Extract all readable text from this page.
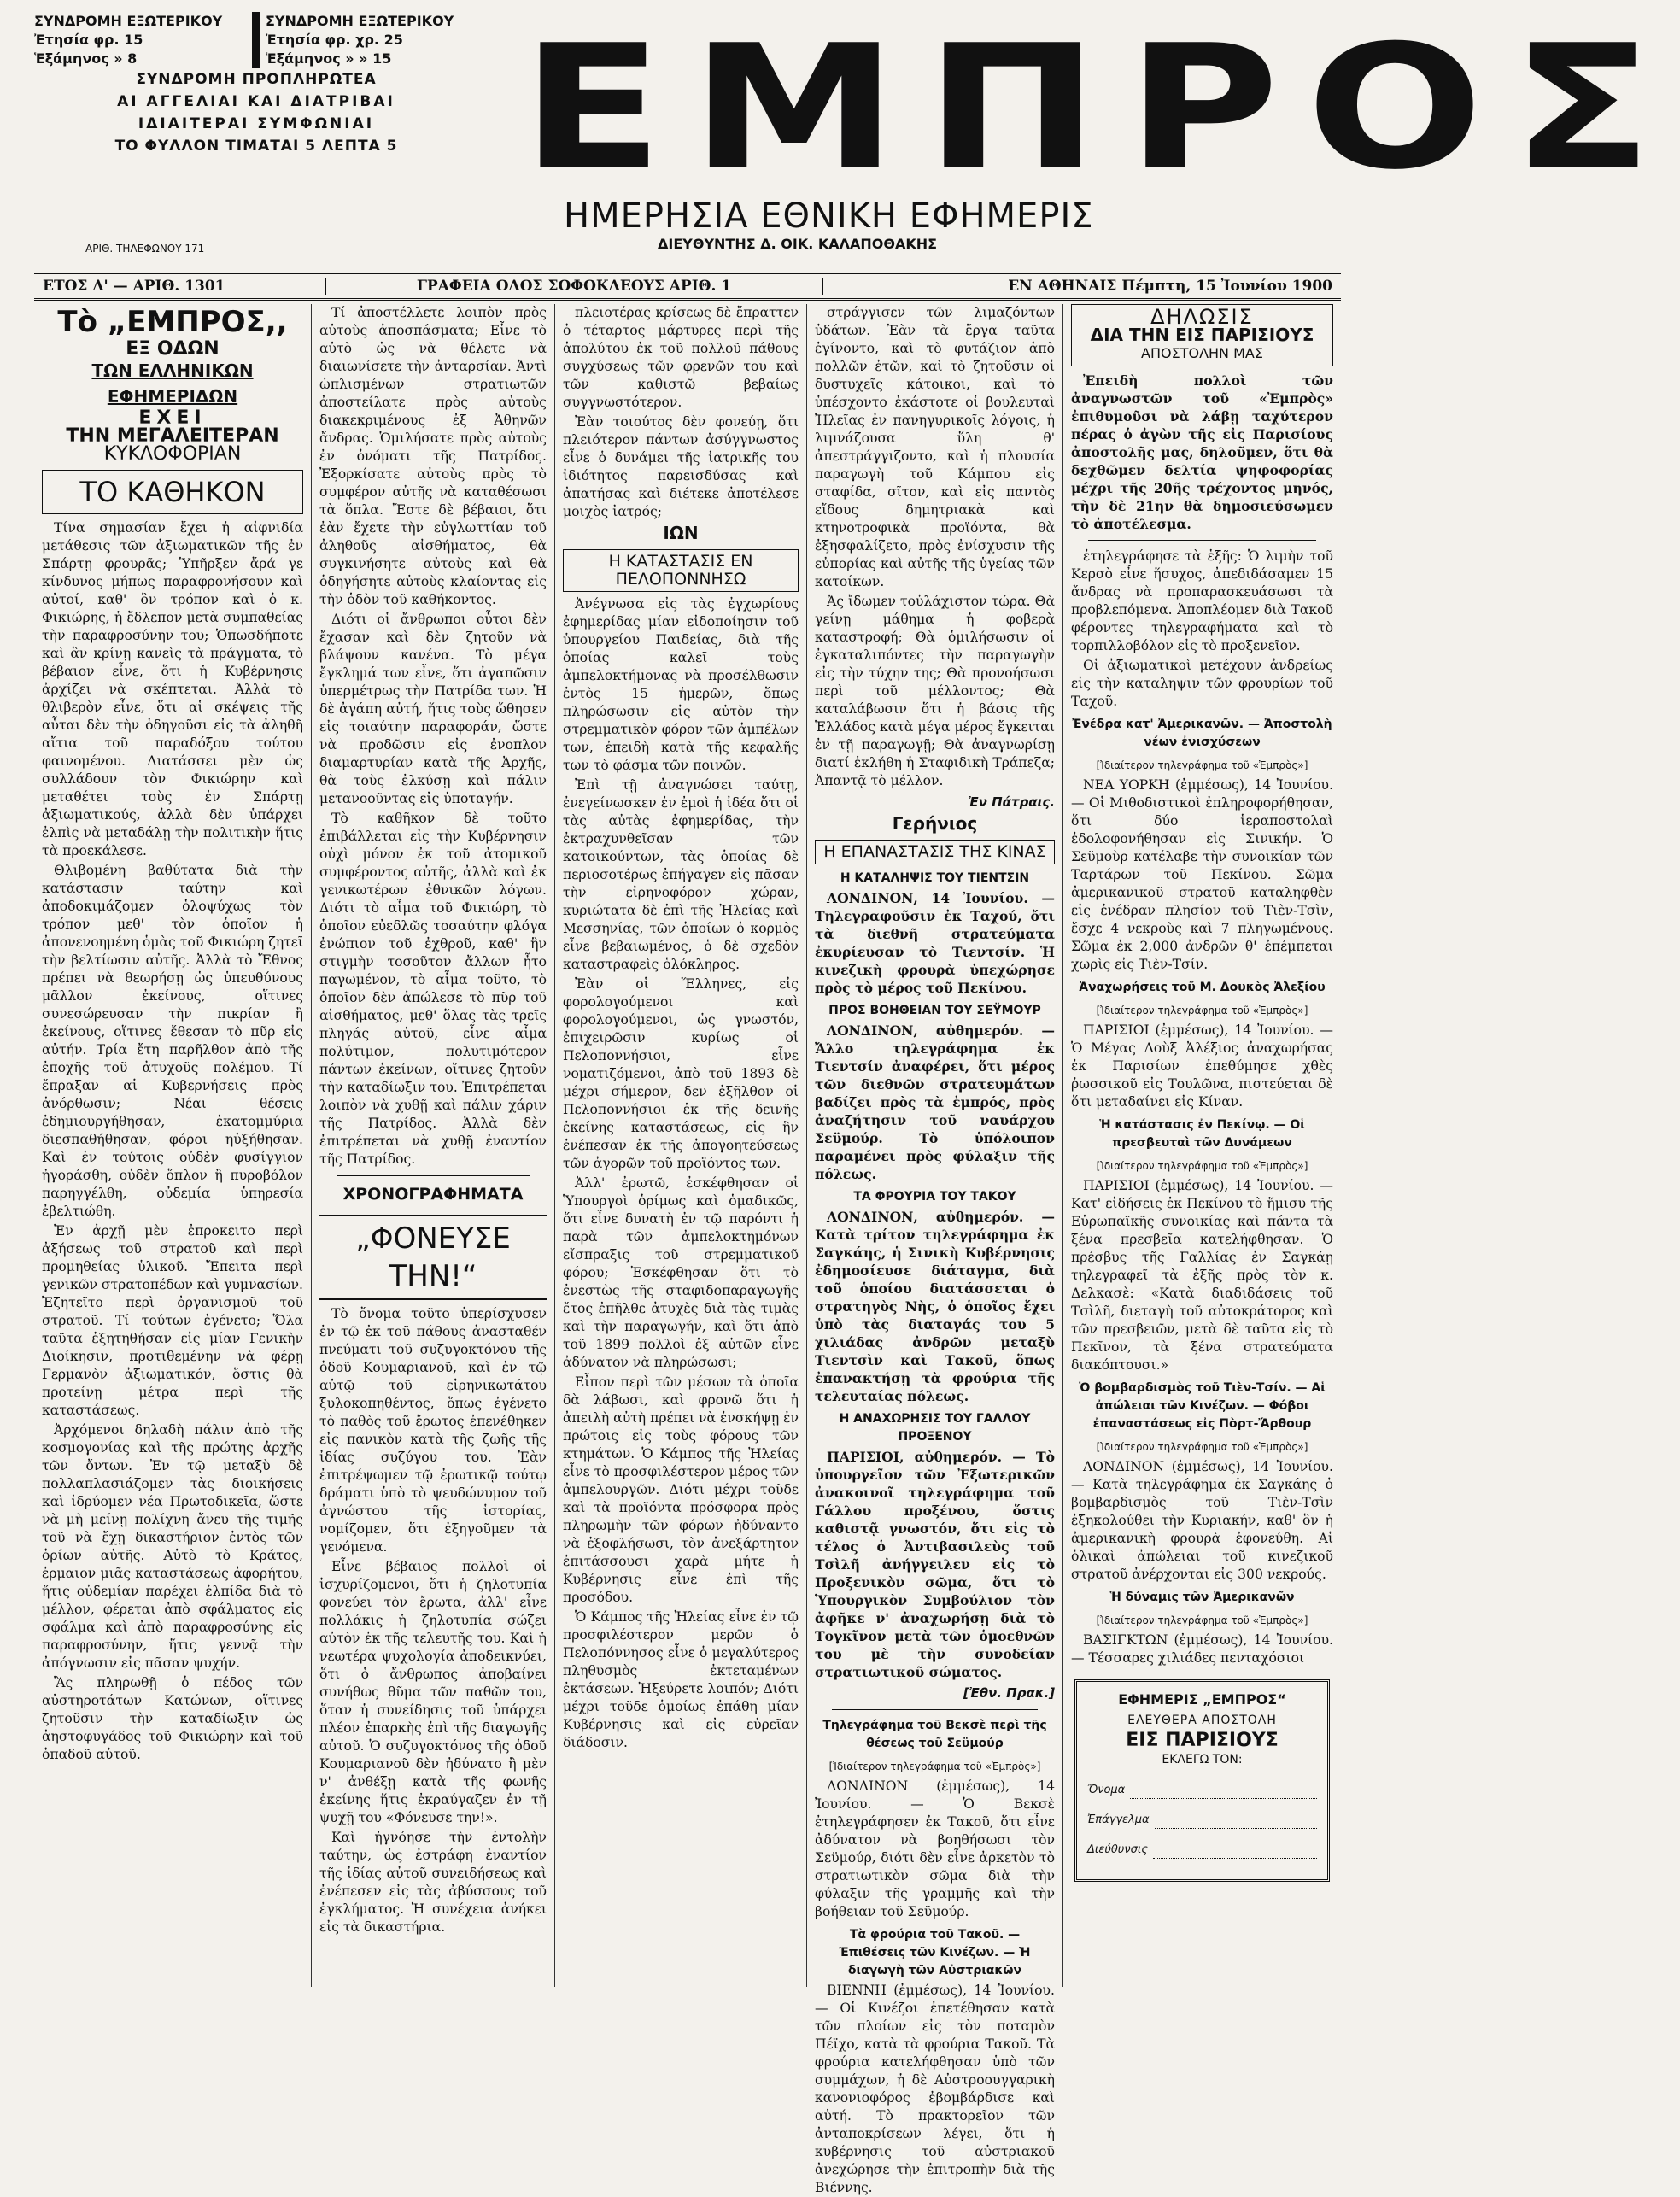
ΣΥΝΔΡΟΜΗ ΕΞΩΤΕΡΙΚΟΥ
Ἐτησία φρ. 15
Ἑξάμηνος » 8
ΣΥΝΔΡΟΜΗ ΕΞΩΤΕΡΙΚΟΥ
Ἐτησία φρ. χρ. 25
Ἑξάμηνος » » 15
ΣΥΝΔΡΟΜΗ ΠΡΟΠΛΗΡΩΤΕΑ
ΑΙ ΑΓΓΕΛΙΑΙ ΚΑΙ ΔΙΑΤΡΙΒΑΙ
ΙΔΙΑΙΤΕΡΑΙ ΣΥΜΦΩΝΙΑΙ
ΤΟ ΦΥΛΛΟΝ ΤΙΜΑΤΑΙ 5 ΛΕΠΤΑ 5
ΑΡΙΘ. ΤΗΛΕΦΩΝΟΥ 171
ΕΜΠΡΟΣ
ΗΜΕΡΗΣΙΑ ΕΘΝΙΚΗ ΕΦΗΜΕΡΙΣ
ΔΙΕΥΘΥΝΤΗΣ Δ. ΟΙΚ. ΚΑΛΑΠΟΘΑΚΗΣ
ΕΤΟΣ Δ' — ΑΡΙΘ. 1301	ΓΡΑΦΕΙΑ ΟΔΟΣ ΣΟΦΟΚΛΕΟΥΣ ΑΡΙΘ. 1	ΕΝ ΑΘΗΝΑΙΣ Πέμπτη, 15 Ἰουνίου 1900
Τὸ „ΕΜΠΡΟΣ,,
ΕΞ ΟΔΩΝ
ΤΩΝ ΕΛΛΗΝΙΚΩΝ ΕΦΗΜΕΡΙΔΩΝ
ΕΧΕΙ
ΤΗΝ ΜΕΓΑΛΕΙΤΕΡΑΝ
ΚΥΚΛΟΦΟΡΙΑΝ
ΤΟ ΚΑΘΗΚΟΝ

Τίνα σημασίαν ἔχει ἡ αἰφνιδία μετάθεσις τῶν ἀξιωματικῶν τῆς ἐν Σπάρτῃ φρουρᾶς; Ὑπῆρξεν ἄρά γε κίνδυνος μήπως παραφρονήσουν καὶ αὐτοί, καθ' ὃν τρόπον καὶ ὁ κ. Φικιώρης, ἡ ἔδλεπον μετὰ συμπαθείας τὴν παραφροσύνην του; Ὁπωσδήποτε καὶ ἂν κρίνῃ κανεὶς τὰ πράγματα, τὸ βέβαιον εἶνε, ὅτι ἡ Κυβέρνησις ἀρχίζει νὰ σκέπτεται. Ἀλλὰ τὸ θλιβερὸν εἶνε, ὅτι αἱ σκέψεις τῆς αὗται δὲν τὴν ὁδηγοῦσι εἰς τὰ ἀληθῆ αἴτια τοῦ παραδόξου τούτου φαινομένου. Διατάσσει μὲν ὡς συλλάδουν τὸν Φικιώρην καὶ μεταθέτει τοὺς ἐν Σπάρτῃ ἀξιωματικούς, ἀλλὰ δὲν ὑπάρχει ἐλπὶς νὰ μεταδάλῃ τὴν πολιτικὴν ἥτις τὰ προεκάλεσε.

Θλιβομένη βαθύτατα διὰ τὴν κατάστασιν ταύτην καὶ ἀποδοκιμάζομεν ὁλοψύχως τὸν τρόπον μεθ' τὸν ὁποῖον ἡ ἀπονενοημένη ὁμὰς τοῦ Φικιώρη ζητεῖ τὴν βελτίωσιν αὐτῆς. Ἀλλὰ τὸ Ἔθνος πρέπει νὰ θεωρήσῃ ὡς ὑπευθύνους μᾶλλον ἐκείνους, οἵτινες συνεσώρευσαν τὴν πικρίαν ἢ ἐκείνους, οἵτινες ἔθεσαν τὸ πῦρ εἰς αὐτήν. Τρία ἔτη παρῆλθον ἀπὸ τῆς ἐποχῆς τοῦ ἀτυχοῦς πολέμου. Τί ἔπραξαν αἱ Κυβερνήσεις πρὸς ἀνόρθωσιν; Νέαι θέσεις ἐδημιουργήθησαν, ἑκατομμύρια διεσπαθήθησαν, φόροι ηὐξήθησαν. Καὶ ἐν τούτοις οὐδὲν φυσίγγιον ἠγοράσθη, οὐδὲν ὅπλον ἢ πυροβόλον παρηγγέλθη, οὐδεμία ὑπηρεσία ἐβελτιώθη.

Ἐν ἀρχῇ μὲν ἐπροκειτο περὶ ἀξήσεως τοῦ στρατοῦ καὶ περὶ προμηθείας ὑλικοῦ. Ἔπειτα περὶ γενικῶν στρατοπέδων καὶ γυμνασίων. Ἐζητεῖτο περὶ ὀργανισμοῦ τοῦ στρατοῦ. Τί τούτων ἐγένετο; Ὅλα ταῦτα ἐξητηθήσαν εἰς μίαν Γενικὴν Διοίκησιν, προτιθεμένην νὰ φέρῃ Γερμανὸν ἀξιωματικόν, ὅστις θὰ προτείνῃ μέτρα περὶ τῆς καταστάσεως.

Ἀρχόμενοι δηλαδὴ πάλιν ἀπὸ τῆς κοσμογονίας καὶ τῆς πρώτης ἀρχῆς τῶν ὄντων. Ἐν τῷ μεταξὺ δὲ πολλαπλασιάζομεν τὰς διοικήσεις καὶ ἱδρύομεν νέα Πρωτοδικεῖα, ὥστε νὰ μὴ μείνῃ πολίχνη ἄνευ τῆς τιμῆς τοῦ νὰ ἔχῃ δικαστήριον ἐντὸς τῶν ὁρίων αὐτῆς. Αὐτὸ τὸ Κράτος, ἐρμαιον μιᾶς καταστάσεως ἀφορήτου, ἥτις οὐδεμίαν παρέχει ἐλπίδα διὰ τὸ μέλλον, φέρεται ἀπὸ σφάλματος εἰς σφάλμα καὶ ἀπὸ παραφροσύνης εἰς παραφροσύνην, ἥτις γεννᾷ τὴν ἀπόγνωσιν εἰς πᾶσαν ψυχήν.

Ἂς πληρωθῇ ὁ πέδος τῶν αὐστηροτάτων Κατώνων, οἵτινες ζητοῦσιν τὴν καταδίωξιν ὡς ἀηστοφυγάδος τοῦ Φικιώρην καὶ τοῦ ὁπαδοῦ αὐτοῦ.

Τί ἀποστέλλετε λοιπὸν πρὸς αὐτοὺς ἀποσπάσματα; Εἶνε τὸ αὐτὸ ὡς νὰ θέλετε νὰ διαιωνίσετε τὴν ἀνταρσίαν. Ἀντὶ ὡπλισμένων στρατιωτῶν ἀποστείλατε πρὸς αὐτοὺς διακεκριμένους ἐξ Ἀθηνῶν ἄνδρας. Ὁμιλήσατε πρὸς αὐτοὺς ἐν ὀνόματι τῆς Πατρίδος. Ἐξορκίσατε αὐτοὺς πρὸς τὸ συμφέρον αὐτῆς νὰ καταθέσωσι τὰ ὅπλα. Ἔστε δὲ βέβαιοι, ὅτι ἐὰν ἔχετε τὴν εὐγλωττίαν τοῦ ἀληθοῦς αἰσθήματος, θὰ συγκινήσητε αὐτοὺς καὶ θὰ ὁδηγήσητε αὐτοὺς κλαίοντας εἰς τὴν ὁδὸν τοῦ καθήκοντος.

Διότι οἱ ἄνθρωποι οὗτοι δὲν ἔχασαν καὶ δὲν ζητοῦν νὰ βλάψουν κανένα. Τὸ μέγα ἔγκλημά των εἶνε, ὅτι ἀγαπῶσιν ὑπερμέτρως τὴν Πατρίδα των. Ἡ δὲ ἀγάπη αὐτή, ἥτις τοὺς ὤθησεν εἰς τοιαύτην παραφοράν, ὥστε νὰ προδῶσιν εἰς ἐνοπλον διαμαρτυρίαν κατὰ τῆς Ἀρχῆς, θὰ τοὺς ἐλκύσῃ καὶ πάλιν μετανοοῦντας εἰς ὑποταγήν.

Τὸ καθῆκον δὲ τοῦτο ἐπιβάλλεται εἰς τὴν Κυβέρνησιν οὐχὶ μόνον ἐκ τοῦ ἀτομικοῦ συμφέροντος αὐτῆς, ἀλλὰ καὶ ἐκ γενικωτέρων ἐθνικῶν λόγων. Διότι τὸ αἷμα τοῦ Φικιώρη, τὸ ὁποῖον εὐεδλῶς τοσαύτην φλόγα ἐνώπιον τοῦ ἐχθροῦ, καθ' ἣν στιγμὴν τοσοῦτον ἄλλων ἦτο παγωμένον, τὸ αἷμα τοῦτο, τὸ ὁποῖον δὲν ἀπώλεσε τὸ πῦρ τοῦ αἰσθήματος, μεθ' ὅλας τὰς τρεῖς πληγάς αὐτοῦ, εἶνε αἷμα πολύτιμον, πολυτιμότερον πάντων ἐκείνων, οἵτινες ζητοῦν τὴν καταδίωξιν του. Ἐπιτρέπεται λοιπὸν νὰ χυθῇ καὶ πάλιν χάριν τῆς Πατρίδος. Ἀλλὰ δὲν ἐπιτρέπεται νὰ χυθῇ ἐναντίον τῆς Πατρίδος.

ΧΡΟΝΟΓΡΑΦΗΜΑΤΑ
„ΦΟΝΕΥΣΕ ΤΗΝ!“

Τὸ ὄνομα τοῦτο ὑπερίσχυσεν ἐν τῷ ἐκ τοῦ πάθους ἀνασταθέν πνεύματι τοῦ συζυγοκτόνου τῆς ὁδοῦ Κουμαριανοῦ, καὶ ἐν τῷ αὐτῷ τοῦ εἱρηνικωτάτου ξυλοκοπηθέντος, ὅπως ἐγένετο τὸ παθὸς τοῦ ἔρωτος ἐπενέθηκεν εἰς πανικὸν κατὰ τῆς ζωῆς τῆς ἰδίας συζύγου του. Ἐὰν ἐπιτρέψωμεν τῷ ἐρωτικῷ τούτῳ δράματι ὑπὸ τὸ ψευδώνυμον τοῦ ἀγνώστου τῆς ἱστορίας, νομίζομεν, ὅτι ἐξηγοῦμεν τὰ γενόμενα.

Εἶνε βέβαιος πολλοὶ οἱ ἰσχυρίζομενοι, ὅτι ἡ ζηλοτυπία φονεύει τὸν ἔρωτα, ἀλλ' εἶνε πολλάκις ἡ ζηλοτυπία σώζει αὐτὸν ἐκ τῆς τελευτῆς του. Καὶ ἡ νεωτέρα ψυχολογία ἀποδεικνύει, ὅτι ὁ ἄνθρωπος ἀποβαίνει συνήθως θῦμα τῶν παθῶν του, ὅταν ἡ συνείδησις τοῦ ὑπάρχει πλέον ἐπαρκὴς ἐπὶ τῆς διαγωγῆς αὐτοῦ. Ὁ συζυγοκτόνος τῆς ὁδοῦ Κουμαριανοῦ δὲν ἠδύνατο ἢ μὲν ν' ἀνθέξῃ κατὰ τῆς φωνῆς ἐκείνης ἥτις ἐκραύγαζεν ἐν τῇ ψυχῇ του «Φόνευσε την!».

Καὶ ἠγνόησε τὴν ἐντολὴν ταύτην, ὡς ἐστράφη ἐναντίον τῆς ἰδίας αὐτοῦ συνειδήσεως καὶ ἐνέπεσεν εἰς τὰς ἀβύσσους τοῦ ἐγκλήματος. Ἡ συνέχεια ἀνήκει εἰς τὰ δικαστήρια.

πλειοτέρας κρίσεως δὲ ἔπραττεν ὁ τέταρτος μάρτυρες περὶ τῆς ἀπολύτου ἐκ τοῦ πολλοῦ πάθους συγχύσεως τῶν φρενῶν του καὶ τῶν καθιστῶ βεβαίως συγγνωστότερον.

Ἐὰν τοιούτος δὲν φονεύῃ, ὅτι πλειότερον πάντων ἀσύγγνωστος εἶνε ὁ δυνάμει τῆς ἰατρικῆς του ἰδιότητος παρεισδύσας καὶ ἀπατήσας καὶ διέτεκε ἀποτέλεσε μοιχὸς ἰατρός;

ΙΩΝ
Η ΚΑΤΑΣΤΑΣΙΣ ΕΝ ΠΕΛΟΠΟΝΝΗΣΩ

Ἀνέγνωσα εἰς τὰς ἐγχωρίους ἐφημερίδας μίαν εἰδοποίησιν τοῦ ὑπουργείου Παιδείας, διὰ τῆς ὁποίας καλεῖ τοὺς ἀμπελοκτήμονας νὰ προσέλθωσιν ἐντὸς 15 ἡμερῶν, ὅπως πληρώσωσιν εἰς αὐτὸν τὴν στρεμματικὸν φόρον τῶν ἀμπέλων των, ἐπειδὴ κατὰ τῆς κεφαλῆς των τὸ φάσμα τῶν ποινῶν.

Ἐπὶ τῇ ἀναγνώσει ταύτῃ, ἐνεγείνωσκεν ἐν ἐμοὶ ἡ ἰδέα ὅτι οἱ τὰς αὐτὰς ἐφημερίδας, τὴν ἐκτραχυνθεῖσαν τῶν κατοικούντων, τὰς ὁποίας δὲ περιοσοτέρως ἐπήγαγεν εἰς πᾶσαν τὴν εἰρηνοφόρον χώραν, κυριώτατα δὲ ἐπὶ τῆς Ἠλείας καὶ Μεσσηνίας, τῶν ὁποίων ὁ κορμὸς εἶνε βεβαιωμένος, ὁ δὲ σχεδὸν καταστραφεὶς ὁλόκληρος.

Ἐὰν οἱ Ἕλληνες, εἰς φορολογούμενοι καὶ φορολογούμενοι, ὡς γνωστόν, ἐπιχειρῶσιν κυρίως οἱ Πελοποννήσιοι, εἶνε νοματιζόμενοι, ἀπὸ τοῦ 1893 δὲ μέχρι σήμερον, δεν ἐξῆλθον οἱ Πελοποννήσιοι ἐκ τῆς δεινῆς ἐκείνης καταστάσεως, εἰς ἣν ἐνέπεσαν ἐκ τῆς ἀπογοητεύσεως τῶν ἀγορῶν τοῦ προϊόντος των.

Ἀλλ' ἐρωτῶ, ἐσκέφθησαν οἱ Ὑπουργοὶ ὁρίμως καὶ ὁμαδικῶς, ὅτι εἶνε δυνατὴ ἐν τῷ παρόντι ἡ παρὰ τῶν ἀμπελοκτημόνων εἴσπραξις τοῦ στρεμματικοῦ φόρου; Ἐσκέφθησαν ὅτι τὸ ἐνεστὼς τῆς σταφιδοπαραγωγῆς ἔτος ἐπῆλθε ἀτυχὲς διὰ τὰς τιμὰς καὶ τὴν παραγωγήν, καὶ ὅτι ἀπὸ τοῦ 1899 πολλοὶ ἐξ αὐτῶν εἶνε ἀδύνατον νὰ πληρώσωσι;

Εἶπον περὶ τῶν μέσων τὰ ὁποῖα δὰ λάβωσι, καὶ φρονῶ ὅτι ἡ ἀπειλὴ αὐτὴ πρέπει νὰ ἐνσκήψῃ ἐν πρώτοις εἰς τοὺς φόρους τῶν κτημάτων. Ὁ Κάμπος τῆς Ἠλείας εἶνε τὸ προσφιλέστερον μέρος τῶν ἀμπελουργῶν. Διότι μέχρι τοῦδε καὶ τὰ προϊόντα πρόσφορα πρὸς πληρωμὴν τῶν φόρων ἠδύναντο νὰ ἐξοφλήσωσι, τὸν ἀνεξάρτητον ἐπιτάσσουσι χαρὰ μήτε ἡ Κυβέρνησις εἶνε ἐπὶ τῆς προσόδου.

Ὁ Κάμπος τῆς Ἠλείας εἶνε ἐν τῷ προσφιλέστερον μερῶν ὁ Πελοπόννησος εἶνε ὁ μεγαλύτερος πληθυσμὸς ἐκτεταμένων ἐκτάσεων. Ἠξεύρετε λοιπόν; Διότι μέχρι τοῦδε ὁμοίως ἐπάθη μίαν Κυβέρνησις καὶ εἰς εὐρεῖαν διάδοσιν.

στράγγισεν τῶν λιμαζόντων ὑδάτων. Ἐὰν τὰ ἔργα ταῦτα ἐγίνοντο, καὶ τὸ φυτάζιον ἀπὸ πολλῶν ἐτῶν, καὶ τὸ ζητοῦσιν οἱ δυστυχεῖς κάτοικοι, καὶ τὸ ὑπέσχοντο ἐκάστοτε οἱ βουλευταὶ Ἠλεῖας ἐν πανηγυρικοῖς λόγοις, ἡ λιμνάζουσα ὕλη θ' ἀπεστράγγιζοντο, καὶ ἡ πλουσία παραγωγὴ τοῦ Κάμπου εἰς σταφίδα, σῖτον, καὶ εἰς παντὸς εἴδους δημητριακὰ καὶ κτηνοτροφικὰ προϊόντα, θὰ ἐξησφαλίζετο, πρὸς ἐνίσχυσιν τῆς εὐπορίας καὶ αὐτῆς τῆς ὑγείας τῶν κατοίκων.

Ἀς ἴδωμεν τοὐλάχιστον τώρα. Θὰ γείνῃ μάθημα ἡ φοβερὰ καταστροφή; Θὰ ὁμιλήσωσιν οἱ ἐγκαταλιπόντες τὴν παραγωγὴν εἰς τὴν τύχην της; Θὰ προνοήσωσι περὶ τοῦ μέλλοντος; Θὰ καταλάβωσιν ὅτι ἡ βάσις τῆς Ἑλλάδος κατὰ μέγα μέρος ἔγκειται ἐν τῇ παραγωγῇ; Θὰ ἀναγνωρίσῃ διατί ἐκλήθη ἡ Σταφιδικὴ Τράπεζα; Ἀπαντᾷ τὸ μέλλον.

Ἐν Πάτραις.
Γερήνιος
Η ΕΠΑΝΑΣΤΑΣΙΣ ΤΗΣ ΚΙΝΑΣ
Η ΚΑΤΑΛΗΨΙΣ ΤΟΥ ΤΙΕΝΤΣΙΝ

ΛΟΝΔΙΝΟΝ, 14 Ἰουνίου. — Τηλεγραφοῦσιν ἐκ Ταχού, ὅτι τὰ διεθνῆ στρατεύματα ἐκυρίευσαν τὸ Τιεντσίν. Ἡ κινεζικὴ φρουρὰ ὑπεχώρησε πρὸς τὸ μέρος τοῦ Πεκίνου.

ΠΡΟΣ ΒΟΗΘΕΙΑΝ ΤΟΥ ΣΕΫΜΟΥΡ

ΛΟΝΔΙΝΟΝ, αὐθημερόν. — Ἄλλο τηλεγράφημα ἐκ Τιεντσίν ἀναφέρει, ὅτι μέρος τῶν διεθνῶν στρατευμάτων βαδίζει πρὸς τὰ ἐμπρός, πρὸς ἀναζήτησιν τοῦ ναυάρχου Σεϋμούρ. Τὸ ὑπόλοιπον παραμένει πρὸς φύλαξιν τῆς πόλεως.

ΤΑ ΦΡΟΥΡΙΑ ΤΟΥ ΤΑΚΟΥ

ΛΟΝΔΙΝΟΝ, αὐθημερόν. — Κατὰ τρίτον τηλεγράφημα ἐκ Σαγκάης, ἡ Σινικὴ Κυβέρνησις ἐδημοσίευσε διάταγμα, διὰ τοῦ ὁποίου διατάσσεται ὁ στρατηγὸς Νὴς, ὁ ὁποῖος ἔχει ὑπὸ τὰς διαταγάς του 5 χιλιάδας ἀνδρῶν μεταξὺ Τιεντσὶν καὶ Τακοῦ, ὅπως ἐπανακτήσῃ τὰ φρούρια τῆς τελευταίας πόλεως.

Η ΑΝΑΧΩΡΗΣΙΣ ΤΟΥ ΓΑΛΛΟΥ ΠΡΟΞΕΝΟΥ

ΠΑΡΙΣΙΟΙ, αὐθημερόν. — Τὸ ὑπουργεῖον τῶν Ἐξωτερικῶν ἀνακοινοῖ τηλεγράφημα τοῦ Γάλλου προξένου, ὅστις καθιστᾷ γνωστόν, ὅτι εἰς τὸ τέλος ὁ Ἀντιβασιλεὺς τοῦ Τσὶλῆ ἀνήγγειλεν εἰς τὸ Προξενικὸν σῶμα, ὅτι τὸ Ὑπουργικὸν Συμβούλιον τὸν ἀφῆκε ν' ἀναχωρήσῃ διὰ τὸ Τογκῖνον μετὰ τῶν ὁμοεθνῶν του μὲ τὴν συνοδείαν στρατιωτικοῦ σώματος.

[Ἐθν. Πρακ.]
Τηλεγράφημα τοῦ Βεκσὲ περὶ τῆς θέσεως τοῦ Σεϋμούρ
[Ἰδιαίτερον τηλεγράφημα τοῦ «Ἐμπρὸς»]

ΛΟΝΔΙΝΟΝ (ἐμμέσως), 14 Ἰουνίου. — Ὁ Βεκσὲ ἐτηλεγράφησεν ἐκ Τακοῦ, ὅτι εἶνε ἀδύνατον νὰ βοηθήσωσι τὸν Σεϋμούρ, διότι δὲν εἶνε ἀρκετὸν τὸ στρατιωτικὸν σῶμα διὰ τὴν φύλαξιν τῆς γραμμῆς καὶ τὴν βοήθειαν τοῦ Σεϋμούρ.

Τὰ φρούρια τοῦ Τακοῦ. — Ἐπιθέσεις τῶν Κινέζων. — Ἡ διαγωγὴ τῶν Αὐστριακῶν

ΒΙΕΝΝΗ (ἐμμέσως), 14 Ἰουνίου. — Οἱ Κινέζοι ἐπετέθησαν κατὰ τῶν πλοίων εἰς τὸν ποταμὸν Πέϊχο, κατὰ τὰ φρούρια Τακοῦ. Τὰ φρούρια κατελήφθησαν ὑπὸ τῶν συμμάχων, ἡ δὲ Αὐστροουγγαρικὴ κανονιοφόρος ἐβομβάρδισε καὶ αὐτή. Τὸ πρακτορεῖον τῶν ἀνταποκρίσεων λέγει, ὅτι ἡ κυβέρνησις τοῦ αὐστριακοῦ ἀνεχώρησε τὴν ἐπιτροπὴν διὰ τῆς Βιέννης.

ΔΗΛΩΣΙΣ
ΔΙΑ ΤΗΝ ΕΙΣ ΠΑΡΙΣΙΟΥΣ
ΑΠΟΣΤΟΛΗΝ ΜΑΣ

Ἐπειδὴ πολλοὶ τῶν ἀναγνωστῶν τοῦ «Ἐμπρὸς» ἐπιθυμοῦσι νὰ λάβῃ ταχύτερον πέρας ὁ ἀγὼν τῆς εἰς Παρισίους ἀποστολῆς μας, δηλοῦμεν, ὅτι θὰ δεχθῶμεν δελτία ψηφοφορίας μέχρι τῆς 20ῆς τρέχοντος μηνός, τὴν δὲ 21ην θὰ δημοσιεύσωμεν τὸ ἀποτέλεσμα.

ἐτηλεγράφησε τὰ ἑξῆς: Ὁ λιμὴν τοῦ Κερσὸ εἶνε ἥσυχος, ἀπεδιδάσαμεν 15 ἄνδρας νὰ προπαρασκευάσωσι τὰ προβλεπόμενα. Ἀποπλέομεν διὰ Τακοῦ φέροντες τηλεγραφήματα καὶ τὸ τορπιλλοβόλον εἰς τὸ προξενεῖον.

Οἱ ἀξιωματικοὶ μετέχουν ἀνδρείως εἰς τὴν καταληψιν τῶν φρουρίων τοῦ Ταχοῦ.

Ἐνέδρα κατ' Ἀμερικανῶν. — Ἀποστολὴ νέων ἐνισχύσεων
[Ἰδιαίτερον τηλεγράφημα τοῦ «Ἐμπρὸς»]

ΝΕΑ ΥΟΡΚΗ (ἐμμέσως), 14 Ἰουνίου. — Οἱ Μιθοδιστικοὶ ἐπληροφορήθησαν, ὅτι δύο ἱεραποστολαὶ ἐδολοφονήθησαν εἰς Σινικήν. Ὁ Σεϋμοὺρ κατέλαβε τὴν συνοικίαν τῶν Ταρτάρων τοῦ Πεκίνου. Σῶμα ἀμερικανικοῦ στρατοῦ καταληφθὲν εἰς ἐνέδραν πλησίον τοῦ Τιὲν-Τσὶν, ἔσχε 4 νεκροὺς καὶ 7 πληγωμένους. Σῶμα ἐκ 2,000 ἀνδρῶν θ' ἐπέμπεται χωρὶς εἰς Τιὲν-Τσίν.

Ἀναχωρήσεις τοῦ Μ. Δουκὸς Ἀλεξίου
[Ἰδιαίτερον τηλεγράφημα τοῦ «Ἐμπρὸς»]

ΠΑΡΙΣΙΟΙ (ἐμμέσως), 14 Ἰουνίου. — Ὁ Μέγας Δοὺξ Ἀλέξιος ἀναχωρήσας ἐκ Παρισίων ἐπεθύμησε χθὲς ῥωσσικοῦ εἰς Τουλῶνα, πιστεύεται δὲ ὅτι μεταδαίνει εἰς Κίναν.

Ἡ κατάστασις ἐν Πεκίνῳ. — Οἱ πρεσβευταὶ τῶν Δυνάμεων
[Ἰδιαίτερον τηλεγράφημα τοῦ «Ἐμπρὸς»]

ΠΑΡΙΣΙΟΙ (ἐμμέσως), 14 Ἰουνίου. — Κατ' εἰδήσεις ἐκ Πεκίνου τὸ ἥμισυ τῆς Εὐρωπαϊκῆς συνοικίας καὶ πάντα τὰ ξένα πρεσβεῖα κατελήφθησαν. Ὁ πρέσβυς τῆς Γαλλίας ἐν Σαγκάῃ τηλεγραφεῖ τὰ ἑξῆς πρὸς τὸν κ. Δελκασὲ: «Κατὰ διαδιδάσεις τοῦ Τσὶλῆ, διεταγὴ τοῦ αὐτοκράτορος καὶ τῶν πρεσβειῶν, μετὰ δὲ ταῦτα εἰς τὸ Πεκῖνον, τὰ ξένα στρατεύματα διακόπτουσι.»

Ὁ βομβαρδισμὸς τοῦ Τιὲν-Τσίν. — Αἱ ἀπώλειαι τῶν Κινέζων. — Φόβοι ἐπαναστάσεως εἰς Πὸρτ-Ἄρθουρ
[Ἰδιαίτερον τηλεγράφημα τοῦ «Ἐμπρὸς»]

ΛΟΝΔΙΝΟΝ (ἐμμέσως), 14 Ἰουνίου. — Κατὰ τηλεγράφημα ἐκ Σαγκάης ὁ βομβαρδισμὸς τοῦ Τιὲν-Τσὶν ἐξηκολούθει τὴν Κυριακήν, καθ' ὃν ἡ ἀμερικανικὴ φρουρὰ ἐφονεύθη. Αἱ ὁλικαὶ ἀπώλειαι τοῦ κινεζικοῦ στρατοῦ ἀνέρχονται εἰς 300 νεκρούς.

Ἡ δύναμις τῶν Ἀμερικανῶν
[Ἰδιαίτερον τηλεγράφημα τοῦ «Ἐμπρὸς»]

ΒΑΣΙΓΚΤΩΝ (ἐμμέσως), 14 Ἰουνίου. — Τέσσαρες χιλιάδες πενταχόσιοι

ΕΦΗΜΕΡΙΣ „ΕΜΠΡΟΣ“
ΕΛΕΥΘΕΡΑ ΑΠΟΣΤΟΛΗ
ΕΙΣ ΠΑΡΙΣΙΟΥΣ
ΕΚΛΕΓΩ ΤΟΝ:
Ὄνομα
Ἐπάγγελμα
Διεύθυνσις
